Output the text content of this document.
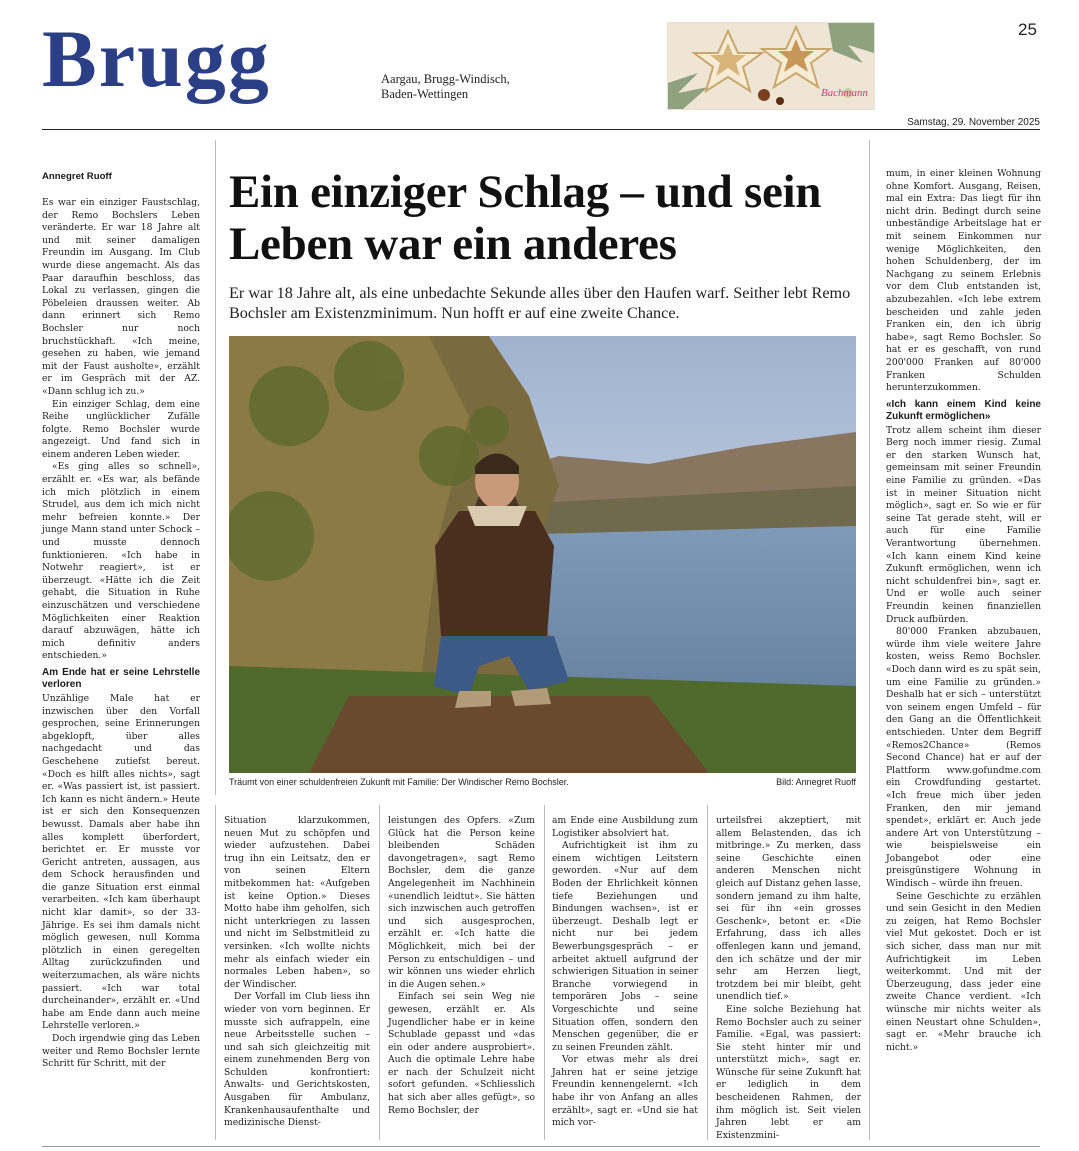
Brugg	Aargau, Brugg-Windisch,
Baden-Wettingen	Bachmann
25
Samstag, 29. November 2025
Annegret Ruoff Ein einziger Schlag – und sein Leben war ein anderes
Er war 18 Jahre alt, als eine unbedachte Sekunde alles über den Haufen warf. Seither lebt Remo Bochsler am Existenzminimum. Nun hofft er auf eine zweite Chance.
Träumt von einer schuldenfreien Zukunft mit Familie: Der Windischer Remo Bochsler.	Bild: Annegret Ruoff

Es war ein einziger Faustschlag, der Remo Bochslers Leben veränderte. Er war 18 Jahre alt und mit seiner damaligen Freundin im Ausgang. Im Club wurde diese angemacht. Als das Paar daraufhin beschloss, das Lokal zu verlassen, gingen die Pöbeleien draussen weiter. Ab dann erinnert sich Remo Bochsler nur noch bruchstückhaft. «Ich meine, gesehen zu haben, wie jemand mit der Faust ausholte», erzählt er im Gespräch mit der AZ. «Dann schlug ich zu.»

Ein einziger Schlag, dem eine Reihe unglücklicher Zufälle folgte. Remo Bochsler wurde angezeigt. Und fand sich in einem anderen Leben wieder.

«Es ging alles so schnell», erzählt er. «Es war, als befände ich mich plötzlich in einem Strudel, aus dem ich mich nicht mehr befreien konnte.» Der junge Mann stand unter Schock – und musste dennoch funktionieren. «Ich habe in Notwehr reagiert», ist er überzeugt. «Hätte ich die Zeit gehabt, die Situation in Ruhe einzuschätzen und verschiedene Möglichkeiten einer Reaktion darauf abzuwägen, hätte ich mich definitiv anders entschieden.»

Am Ende hat er seine Lehrstelle verloren

Unzählige Male hat er inzwischen über den Vorfall gesprochen, seine Erinnerungen abgeklopft, über alles nachgedacht und das Geschehene zutiefst bereut. «Doch es hilft alles nichts», sagt er. «Was passiert ist, ist passiert. Ich kann es nicht ändern.» Heute ist er sich den Konsequenzen bewusst. Damals aber habe ihn alles komplett überfordert, berichtet er. Er musste vor Gericht antreten, aussagen, aus dem Schock herausfinden und die ganze Situation erst einmal verarbeiten. «Ich kam überhaupt nicht klar damit», so der 33-Jährige. Es sei ihm damals nicht möglich gewesen, null Komma plötzlich in einen geregelten Alltag zurückzufinden und weiterzumachen, als wäre nichts passiert. «Ich war total durcheinander», erzählt er. «Und habe am Ende dann auch meine Lehrstelle verloren.»

Doch irgendwie ging das Leben weiter und Remo Bochsler lernte Schritt für Schritt, mit der

Situation klarzukommen, neuen Mut zu schöpfen und wieder aufzustehen. Dabei trug ihn ein Leitsatz, den er von seinen Eltern mitbekommen hat: «Aufgeben ist keine Option.» Dieses Motto habe ihm geholfen, sich nicht unterkriegen zu lassen und nicht im Selbstmitleid zu versinken. «Ich wollte nichts mehr als einfach wieder ein normales Leben haben», so der Windischer.

Der Vorfall im Club liess ihn wieder von vorn beginnen. Er musste sich aufrappeln, eine neue Arbeitsstelle suchen – und sah sich gleichzeitig mit einem zunehmenden Berg von Schulden konfrontiert: Anwalts- und Gerichtskosten, Ausgaben für Ambulanz, Krankenhausaufenthalte und medizinische Dienst-

leistungen des Opfers. «Zum Glück hat die Person keine bleibenden Schäden davongetragen», sagt Remo Bochsler, dem die ganze Angelegenheit im Nachhinein «unendlich leidtut». Sie hätten sich inzwischen auch getroffen und sich ausgesprochen, erzählt er. «Ich hatte die Möglichkeit, mich bei der Person zu entschuldigen – und wir können uns wieder ehrlich in die Augen sehen.»

Einfach sei sein Weg nie gewesen, erzählt er. Als Jugendlicher habe er in keine Schublade gepasst und «das ein oder andere ausprobiert». Auch die optimale Lehre habe er nach der Schulzeit nicht sofort gefunden. «Schliesslich hat sich aber alles gefügt», so Remo Bochsler, der

am Ende eine Ausbildung zum Logistiker absolviert hat.

Aufrichtigkeit ist ihm zu einem wichtigen Leitstern geworden. «Nur auf dem Boden der Ehrlichkeit können tiefe Beziehungen und Bindungen wachsen», ist er überzeugt. Deshalb legt er nicht nur bei jedem Bewerbungsgespräch – er arbeitet aktuell aufgrund der schwierigen Situation in seiner Branche vorwiegend in temporären Jobs – seine Vorgeschichte und seine Situation offen, sondern den Menschen gegenüber, die er zu seinen Freunden zählt.

Vor etwas mehr als drei Jahren hat er seine jetzige Freundin kennengelernt. «Ich habe ihr von Anfang an alles erzählt», sagt er. «Und sie hat mich vor-

urteilsfrei akzeptiert, mit allem Belastenden, das ich mitbringe.» Zu merken, dass seine Geschichte einen anderen Menschen nicht gleich auf Distanz gehen lasse, sondern jemand zu ihm halte, sei für ihn «ein grosses Geschenk», betont er. «Die Erfahrung, dass ich alles offenlegen kann und jemand, den ich schätze und der mir sehr am Herzen liegt, trotzdem bei mir bleibt, geht unendlich tief.»

Eine solche Beziehung hat Remo Bochsler auch zu seiner Familie. «Egal, was passiert: Sie steht hinter mir und unterstützt mich», sagt er. Wünsche für seine Zukunft hat er lediglich in dem bescheidenen Rahmen, der ihm möglich ist. Seit vielen Jahren lebt er am Existenzmini-

mum, in einer kleinen Wohnung ohne Komfort. Ausgang, Reisen, mal ein Extra: Das liegt für ihn nicht drin. Bedingt durch seine unbeständige Arbeitslage hat er mit seinem Einkommen nur wenige Möglichkeiten, den hohen Schuldenberg, der im Nachgang zu seinem Erlebnis vor dem Club entstanden ist, abzubezahlen. «Ich lebe extrem bescheiden und zahle jeden Franken ein, den ich übrig habe», sagt Remo Bochsler. So hat er es geschafft, von rund 200'000 Franken auf 80'000 Franken Schulden herunterzukommen.

«Ich kann einem Kind keine Zukunft ermöglichen»

Trotz allem scheint ihm dieser Berg noch immer riesig. Zumal er den starken Wunsch hat, gemeinsam mit seiner Freundin eine Familie zu gründen. «Das ist in meiner Situation nicht möglich», sagt er. So wie er für seine Tat gerade steht, will er auch für eine Familie Verantwortung übernehmen. «Ich kann einem Kind keine Zukunft ermöglichen, wenn ich nicht schuldenfrei bin», sagt er. Und er wolle auch seiner Freundin keinen finanziellen Druck aufbürden.

80'000 Franken abzubauen, würde ihm viele weitere Jahre kosten, weiss Remo Bochsler. «Doch dann wird es zu spät sein, um eine Familie zu gründen.» Deshalb hat er sich – unterstützt von seinem engen Umfeld – für den Gang an die Öffentlichkeit entschieden. Unter dem Begriff «Remos2Chance» (Remos Second Chance) hat er auf der Plattform www.gofundme.com ein Crowdfunding gestartet. «Ich freue mich über jeden Franken, den mir jemand spendet», erklärt er. Auch jede andere Art von Unterstützung – wie beispielsweise ein Jobangebot oder eine preisgünstigere Wohnung in Windisch – würde ihn freuen.

Seine Geschichte zu erzählen und sein Gesicht in den Medien zu zeigen, hat Remo Bochsler viel Mut gekostet. Doch er ist sich sicher, dass man nur mit Aufrichtigkeit im Leben weiterkommt. Und mit der Überzeugung, dass jeder eine zweite Chance verdient. «Ich wünsche mir nichts weiter als einen Neustart ohne Schulden», sagt er. «Mehr brauche ich nicht.»
